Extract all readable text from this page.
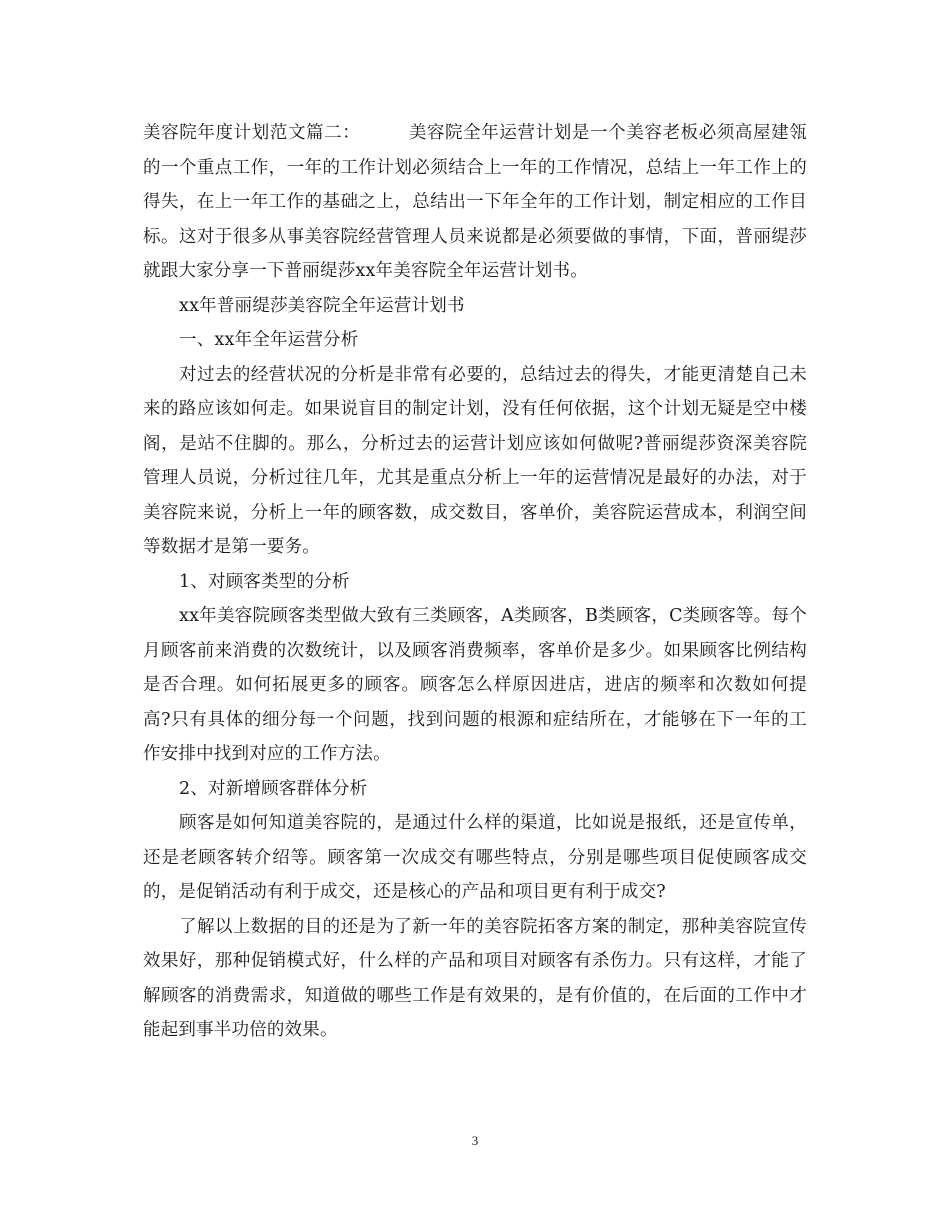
美容院年度计划范文篇二：	美容院全年运营计划是一个美容老板必须高屋建瓴的一个重点工作，一年的工作计划必须结合上一年的工作情况，总结上一年工作上的得失，在上一年工作的基础之上，总结出一下年全年的工作计划，制定相应的工作目标。这对于很多从事美容院经营管理人员来说都是必须要做的事情，下面，普丽缇莎就跟大家分享一下普丽缇莎xx年美容院全年运营计划书。

xx年普丽缇莎美容院全年运营计划书

一、xx年全年运营分析

对过去的经营状况的分析是非常有必要的，总结过去的得失，才能更清楚自己未来的路应该如何走。如果说盲目的制定计划，没有任何依据，这个计划无疑是空中楼阁，是站不住脚的。那么，分析过去的运营计划应该如何做呢?普丽缇莎资深美容院管理人员说，分析过往几年，尤其是重点分析上一年的运营情况是最好的办法，对于美容院来说，分析上一年的顾客数，成交数目，客单价，美容院运营成本，利润空间等数据才是第一要务。

1、对顾客类型的分析

xx年美容院顾客类型做大致有三类顾客，A类顾客，B类顾客，C类顾客等。每个月顾客前来消费的次数统计，以及顾客消费频率，客单价是多少。如果顾客比例结构是否合理。如何拓展更多的顾客。顾客怎么样原因进店，进店的频率和次数如何提高?只有具体的细分每一个问题，找到问题的根源和症结所在，才能够在下一年的工作安排中找到对应的工作方法。

2、对新增顾客群体分析

顾客是如何知道美容院的，是通过什么样的渠道，比如说是报纸，还是宣传单，还是老顾客转介绍等。顾客第一次成交有哪些特点，分别是哪些项目促使顾客成交的，是促销活动有利于成交，还是核心的产品和项目更有利于成交?

了解以上数据的目的还是为了新一年的美容院拓客方案的制定，那种美容院宣传效果好，那种促销模式好，什么样的产品和项目对顾客有杀伤力。只有这样，才能了解顾客的消费需求，知道做的哪些工作是有效果的，是有价值的，在后面的工作中才能起到事半功倍的效果。

3
